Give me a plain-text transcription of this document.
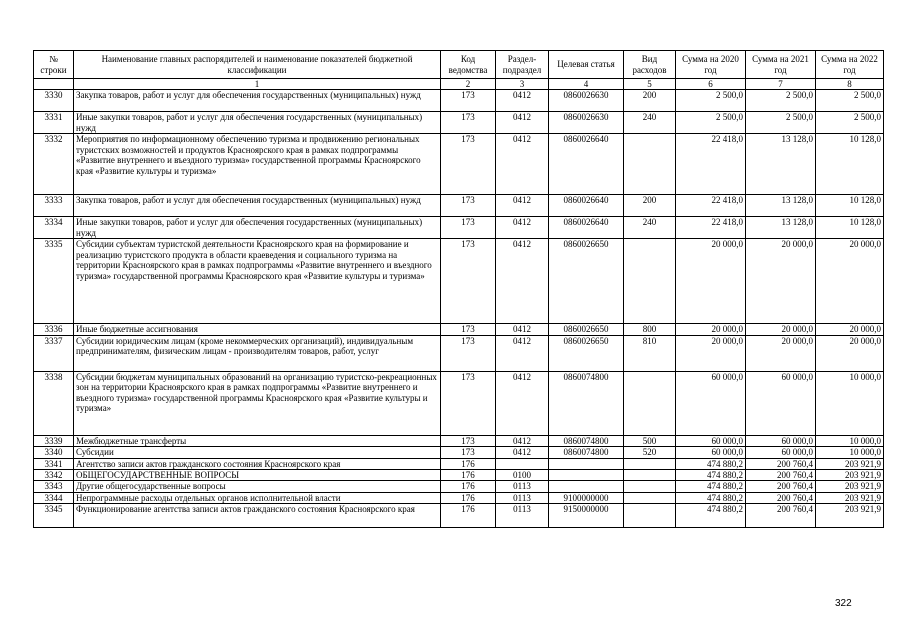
№ строки	Наименование главных распорядителей и наименование показателей бюджетной классификации	Код ведомства	Раздел-подраздел	Целевая статья	Вид расходов	Сумма на 2020 год	Сумма на 2021 год	Сумма на 2022 год
	1	2	3	4	5	6	7	8
3330	Закупка товаров, работ и услуг для обеспечения государственных (муниципальных) нужд	173	0412	0860026630	200	2 500,0	2 500,0	2 500,0
3331	Иные закупки товаров, работ и услуг для обеспечения государственных (муниципальных) нужд	173	0412	0860026630	240	2 500,0	2 500,0	2 500,0
3332	Мероприятия по информационному обеспечению туризма и продвижению региональных туристских возможностей и продуктов Красноярского края в рамках подпрограммы «Развитие внутреннего и въездного туризма» государственной программы Красноярского края «Развитие культуры и туризма»	173	0412	0860026640		22 418,0	13 128,0	10 128,0
3333	Закупка товаров, работ и услуг для обеспечения государственных (муниципальных) нужд	173	0412	0860026640	200	22 418,0	13 128,0	10 128,0
3334	Иные закупки товаров, работ и услуг для обеспечения государственных (муниципальных) нужд	173	0412	0860026640	240	22 418,0	13 128,0	10 128,0
3335	Субсидии субъектам туристской деятельности Красноярского края на формирование и реализацию туристского продукта в области краеведения и социального туризма на территории Красноярского края в рамках подпрограммы «Развитие внутреннего и въездного туризма» государственной программы Красноярского края «Развитие культуры и туризма»	173	0412	0860026650		20 000,0	20 000,0	20 000,0
3336	Иные бюджетные ассигнования	173	0412	0860026650	800	20 000,0	20 000,0	20 000,0
3337	Субсидии юридическим лицам (кроме некоммерческих организаций), индивидуальным предпринимателям, физическим лицам - производителям товаров, работ, услуг	173	0412	0860026650	810	20 000,0	20 000,0	20 000,0
3338	Субсидии бюджетам муниципальных образований на организацию туристско-рекреационных зон на территории Красноярского края в рамках подпрограммы «Развитие внутреннего и въездного туризма» государственной программы Красноярского края «Развитие культуры и туризма»	173	0412	0860074800		60 000,0	60 000,0	10 000,0
3339	Межбюджетные трансферты	173	0412	0860074800	500	60 000,0	60 000,0	10 000,0
3340	Субсидии	173	0412	0860074800	520	60 000,0	60 000,0	10 000,0
3341	Агентство записи актов гражданского состояния Красноярского края	176				474 880,2	200 760,4	203 921,9
3342	ОБЩЕГОСУДАРСТВЕННЫЕ ВОПРОСЫ	176	0100			474 880,2	200 760,4	203 921,9
3343	Другие общегосударственные вопросы	176	0113			474 880,2	200 760,4	203 921,9
3344	Непрограммные расходы отдельных органов исполнительной власти	176	0113	9100000000		474 880,2	200 760,4	203 921,9
3345	Функционирование агентства записи актов гражданского состояния Красноярского края	176	0113	9150000000		474 880,2	200 760,4	203 921,9
322
